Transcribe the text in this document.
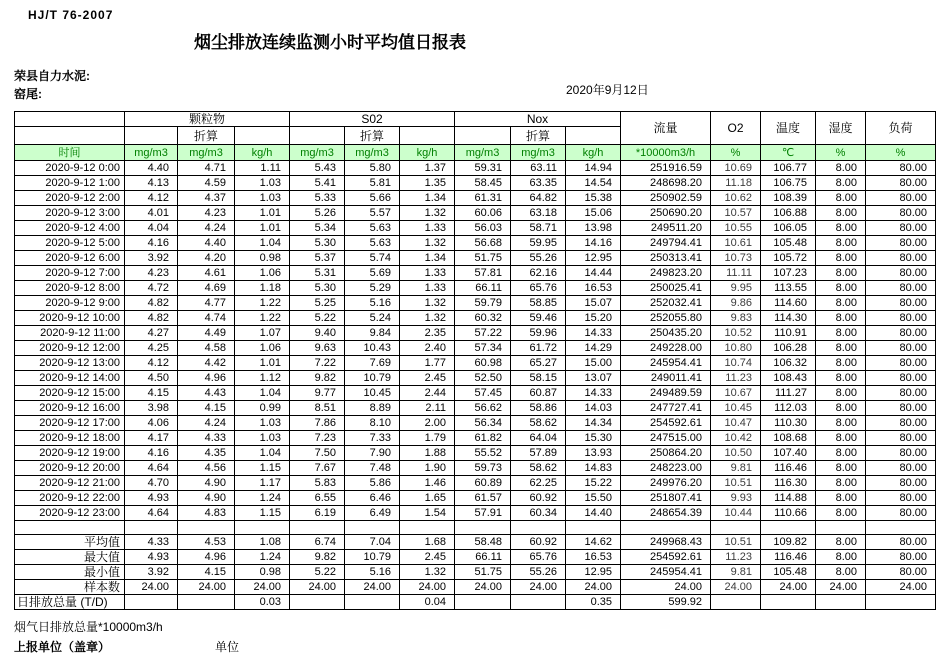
HJ/T 76-2007
烟尘排放连续监测小时平均值日报表
荣县自力水泥:
窑尾:	2020年9月12日
	颗粒物			S02			Nox			流量	O2	温度	湿度	负荷
		折算			折算			折算						
时间	mg/m3	mg/m3	kg/h	mg/m3	mg/m3	kg/h	mg/m3	mg/m3	kg/h	*10000m3/h	%	℃	%	%
2020-9-12 0:00	4.40	4.71	1.11	5.43	5.80	1.37	59.31	63.11	14.94	251916.59	10.69	106.77	8.00	80.00
2020-9-12 1:00	4.13	4.59	1.03	5.41	5.81	1.35	58.45	63.35	14.54	248698.20	11.18	106.75	8.00	80.00
2020-9-12 2:00	4.12	4.37	1.03	5.33	5.66	1.34	61.31	64.82	15.38	250902.59	10.62	108.39	8.00	80.00
2020-9-12 3:00	4.01	4.23	1.01	5.26	5.57	1.32	60.06	63.18	15.06	250690.20	10.57	106.88	8.00	80.00
2020-9-12 4:00	4.04	4.24	1.01	5.34	5.63	1.33	56.03	58.71	13.98	249511.20	10.55	106.05	8.00	80.00
2020-9-12 5:00	4.16	4.40	1.04	5.30	5.63	1.32	56.68	59.95	14.16	249794.41	10.61	105.48	8.00	80.00
2020-9-12 6:00	3.92	4.20	0.98	5.37	5.74	1.34	51.75	55.26	12.95	250313.41	10.73	105.72	8.00	80.00
2020-9-12 7:00	4.23	4.61	1.06	5.31	5.69	1.33	57.81	62.16	14.44	249823.20	11.11	107.23	8.00	80.00
2020-9-12 8:00	4.72	4.69	1.18	5.30	5.29	1.33	66.11	65.76	16.53	250025.41	9.95	113.55	8.00	80.00
2020-9-12 9:00	4.82	4.77	1.22	5.25	5.16	1.32	59.79	58.85	15.07	252032.41	9.86	114.60	8.00	80.00
2020-9-12 10:00	4.82	4.74	1.22	5.22	5.24	1.32	60.32	59.46	15.20	252055.80	9.83	114.30	8.00	80.00
2020-9-12 11:00	4.27	4.49	1.07	9.40	9.84	2.35	57.22	59.96	14.33	250435.20	10.52	110.91	8.00	80.00
2020-9-12 12:00	4.25	4.58	1.06	9.63	10.43	2.40	57.34	61.72	14.29	249228.00	10.80	106.28	8.00	80.00
2020-9-12 13:00	4.12	4.42	1.01	7.22	7.69	1.77	60.98	65.27	15.00	245954.41	10.74	106.32	8.00	80.00
2020-9-12 14:00	4.50	4.96	1.12	9.82	10.79	2.45	52.50	58.15	13.07	249011.41	11.23	108.43	8.00	80.00
2020-9-12 15:00	4.15	4.43	1.04	9.77	10.45	2.44	57.45	60.87	14.33	249489.59	10.67	111.27	8.00	80.00
2020-9-12 16:00	3.98	4.15	0.99	8.51	8.89	2.11	56.62	58.86	14.03	247727.41	10.45	112.03	8.00	80.00
2020-9-12 17:00	4.06	4.24	1.03	7.86	8.10	2.00	56.34	58.62	14.34	254592.61	10.47	110.30	8.00	80.00
2020-9-12 18:00	4.17	4.33	1.03	7.23	7.33	1.79	61.82	64.04	15.30	247515.00	10.42	108.68	8.00	80.00
2020-9-12 19:00	4.16	4.35	1.04	7.50	7.90	1.88	55.52	57.89	13.93	250864.20	10.50	107.40	8.00	80.00
2020-9-12 20:00	4.64	4.56	1.15	7.67	7.48	1.90	59.73	58.62	14.83	248223.00	9.81	116.46	8.00	80.00
2020-9-12 21:00	4.70	4.90	1.17	5.83	5.86	1.46	60.89	62.25	15.22	249976.20	10.51	116.30	8.00	80.00
2020-9-12 22:00	4.93	4.90	1.24	6.55	6.46	1.65	61.57	60.92	15.50	251807.41	9.93	114.88	8.00	80.00
2020-9-12 23:00	4.64	4.83	1.15	6.19	6.49	1.54	57.91	60.34	14.40	248654.39	10.44	110.66	8.00	80.00

平均值	4.33	4.53	1.08	6.74	7.04	1.68	58.48	60.92	14.62	249968.43	10.51	109.82	8.00	80.00
最大值	4.93	4.96	1.24	9.82	10.79	2.45	66.11	65.76	16.53	254592.61	11.23	116.46	8.00	80.00
最小值	3.92	4.15	0.98	5.22	5.16	1.32	51.75	55.26	12.95	245954.41	9.81	105.48	8.00	80.00
样本数	24.00	24.00	24.00	24.00	24.00	24.00	24.00	24.00	24.00	24.00	24.00	24.00	24.00	24.00
日排放总量 (T/D)			0.03			0.04			0.35	599.92				
烟气日排放总量*10000m3/h
上报单位（盖章）	单位
